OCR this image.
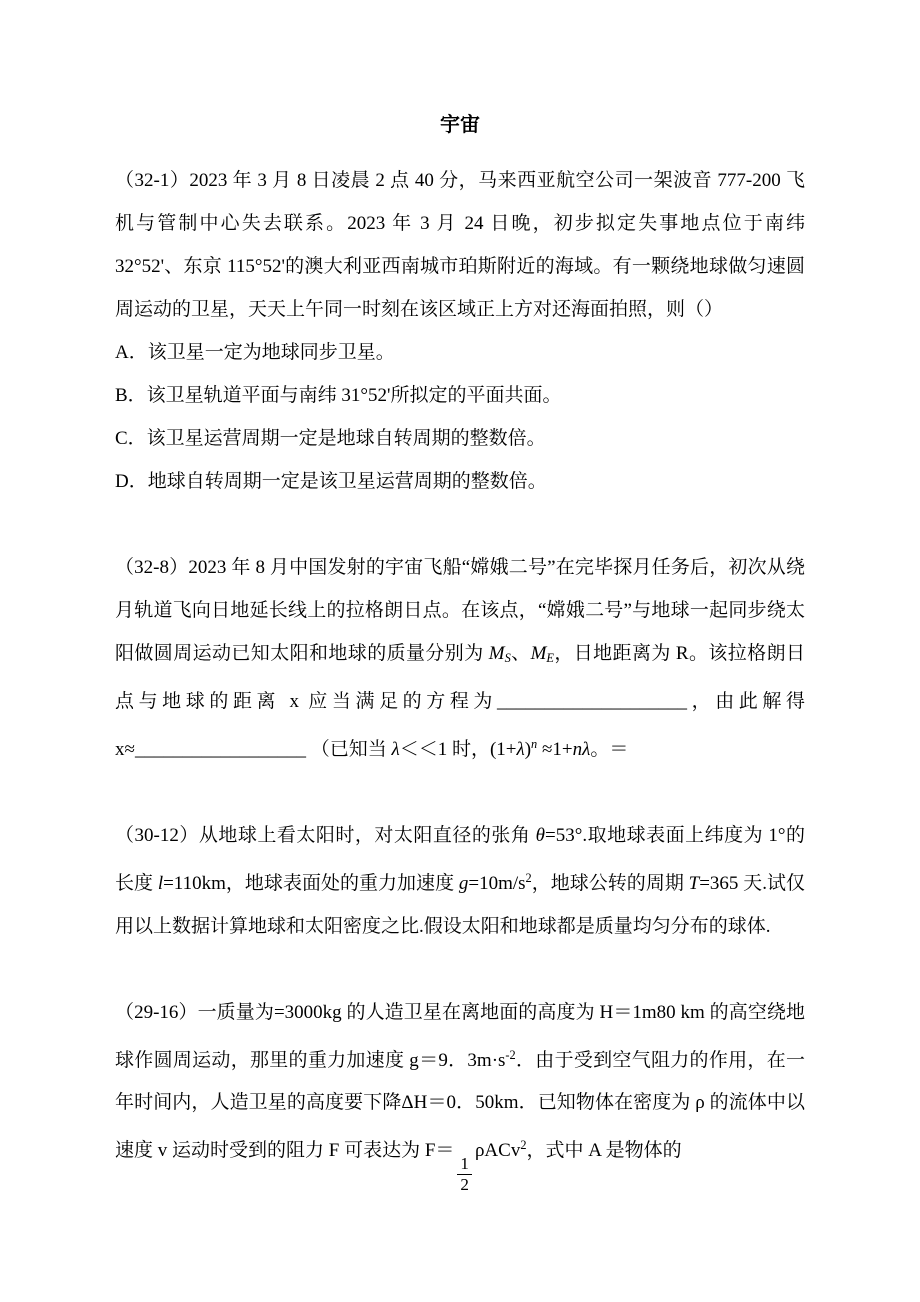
宇宙
（32-1）2023 年 3 月 8 日凌晨 2 点 40 分，马来西亚航空公司一架波音 777-200 飞机与管制中心失去联系。2023 年 3 月 24 日晚，初步拟定失事地点位于南纬 32°52'、东京 115°52'的澳大利亚西南城市珀斯附近的海域。有一颗绕地球做匀速圆周运动的卫星，天天上午同一时刻在该区域正上方对还海面拍照，则（）
A．该卫星一定为地球同步卫星。
B．该卫星轨道平面与南纬 31°52'所拟定的平面共面。
C．该卫星运营周期一定是地球自转周期的整数倍。
D．地球自转周期一定是该卫星运营周期的整数倍。
（32-8）2023 年 8 月中国发射的宇宙飞船“嫦娥二号”在完毕探月任务后，初次从绕月轨道飞向日地延长线上的拉格朗日点。在该点，“嫦娥二号”与地球一起同步绕太阳做圆周运动已知太阳和地球的质量分别为 $M_S$、$M_E$，日地距离为 R。该拉格朗日点与地球的距离 x 应当满足的方程为____________________，由此解得 x≈__________________ （已知当 λ＜＜1 时，$(1+\lambda)^n \approx 1+n\lambda$。＝
（30-12）从地球上看太阳时，对太阳直径的张角 θ=53°.取地球表面上纬度为 1°的长度 l=110km，地球表面处的重力加速度 $g=10m/s^2$，地球公转的周期 T=365 天.试仅用以上数据计算地球和太阳密度之比.假设太阳和地球都是质量均匀分布的球体.
（29-16）一质量为=3000kg 的人造卫星在离地面的高度为 H＝1m80 km 的高空绕地球作圆周运动，那里的重力加速度 g＝9．$3m\cdot s^{-2}$．由于受到空气阻力的作用，在一年时间内，人造卫星的高度要下降ΔH＝0．50km．已知物体在密度为 ρ 的流体中以速度 v 运动时受到的阻力 F 可表达为 F＝
$\frac{1}{2}$
ρACv$^2$，式中 A 是物体的
